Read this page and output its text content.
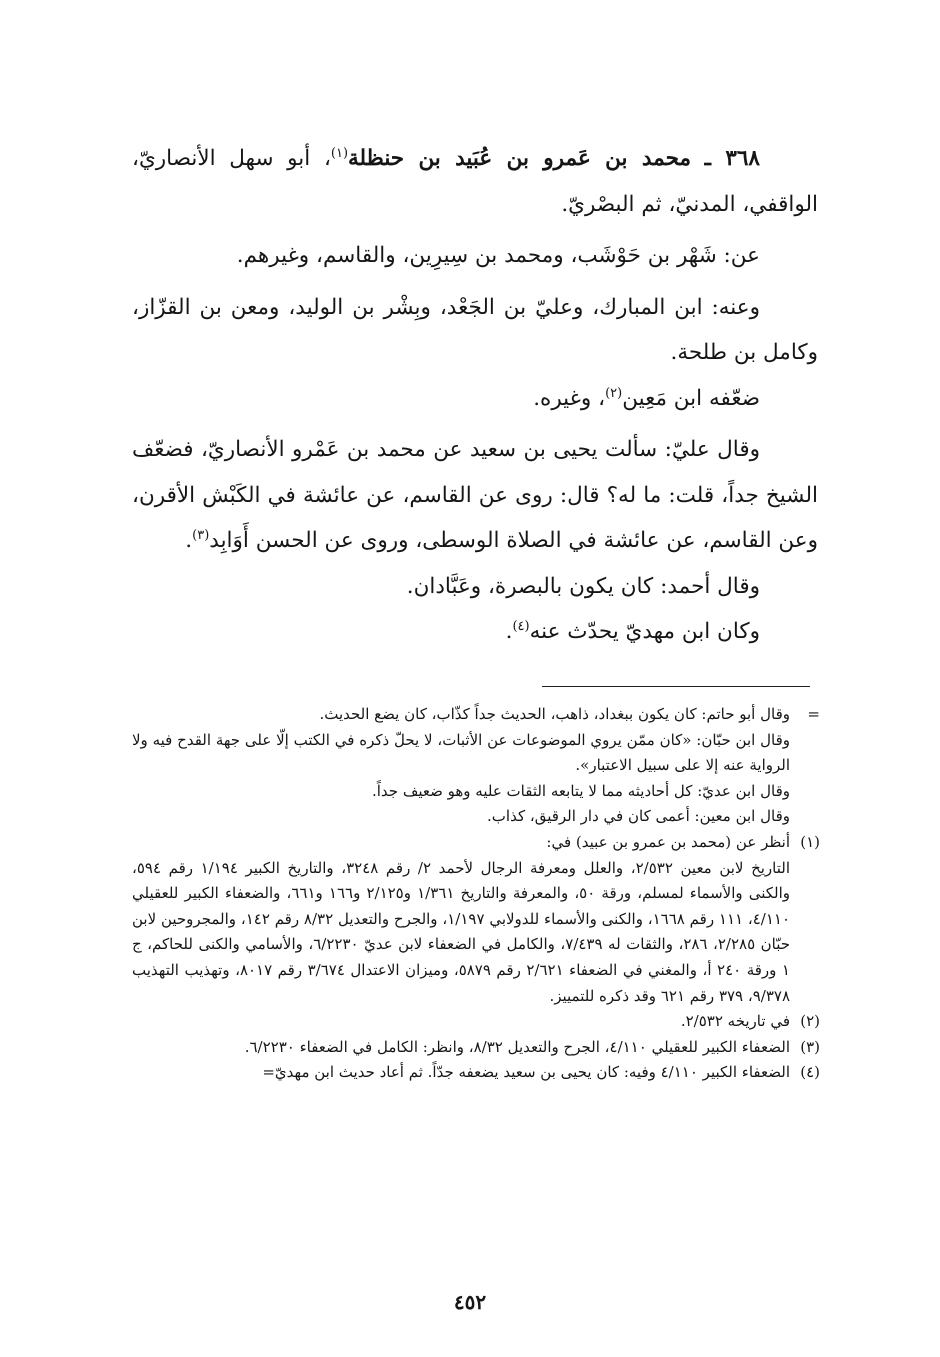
٣٦٨ ـ محمد بن عَمرو بن عُبَيد بن حنظلة$^{(١)}$، أبو سهل الأنصاريّ، الواقفي، المدنيّ، ثم البصْريّ.

عن: شَهْر بن حَوْشَب، ومحمد بن سِيرِين، والقاسم، وغيرهم.

وعنه: ابن المبارك، وعليّ بن الجَعْد، وبِشْر بن الوليد، ومعن بن القزّاز، وكامل بن طلحة.

ضعّفه ابن مَعِين$^{(٢)}$، وغيره.

وقال عليّ: سألت يحيى بن سعيد عن محمد بن عَمْرو الأنصاريّ، فضعّف الشيخ جداً، قلت: ما له؟ قال: روى عن القاسم، عن عائشة في الكَبْش الأقرن، وعن القاسم، عن عائشة في الصلاة الوسطى، وروى عن الحسن أَوَابِد$^{(٣)}$.

وقال أحمد: كان يكون بالبصرة، وعَبَّادان.

وكان ابن مهديّ يحدّث عنه$^{(٤)}$.

=
وقال أبو حاتم: كان يكون ببغداد، ذاهب، الحديث جداً كذّاب، كان يضع الحديث.
وقال ابن حبّان: «كان ممّن يروي الموضوعات عن الأثبات، لا يحلّ ذكره في الكتب إلّا على جهة القدح فيه ولا الرواية عنه إلا على سبيل الاعتبار».
وقال ابن عديّ: كل أحاديثه مما لا يتابعه الثقات عليه وهو ضعيف جداً.
وقال ابن معين: أعمى كان في دار الرقيق، كذاب.
(١)
أنظر عن (محمد بن عمرو بن عبيد) في:
التاريخ لابن معين ٢/٥٣٢، والعلل ومعرفة الرجال لأحمد ٢/ رقم ٣٢٤٨، والتاريخ الكبير ١/١٩٤ رقم ٥٩٤، والكنى والأسماء لمسلم، ورقة ٥٠، والمعرفة والتاريخ ١/٣٦١ و٢/١٢٥ و١٦٦ و٦٦١، والضعفاء الكبير للعقيلي ٤/١١٠، ١١١ رقم ١٦٦٨، والكنى والأسماء للدولابي ١/١٩٧، والجرح والتعديل ٨/٣٢ رقم ١٤٢، والمجروحين لابن حبّان ٢/٢٨٥، ٢٨٦، والثقات له ٧/٤٣٩، والكامل في الضعفاء لابن عديّ ٦/٢٢٣٠، والأسامي والكنى للحاكم، ج ١ ورقة ٢٤٠ أ، والمغني في الضعفاء ٢/٦٢١ رقم ٥٨٧٩، وميزان الاعتدال ٣/٦٧٤ رقم ٨٠١٧، وتهذيب التهذيب ٩/٣٧٨، ٣٧٩ رقم ٦٢١ وقد ذكره للتمييز.
(٢)
في تاريخه ٢/٥٣٢.
(٣)
الضعفاء الكبير للعقيلي ٤/١١٠، الجرح والتعديل ٨/٣٢، وانظر: الكامل في الضعفاء ٦/٢٢٣٠.
(٤)
الضعفاء الكبير ٤/١١٠ وفيه: كان يحيى بن سعيد يضعفه جدّاً. ثم أعاد حديث ابن مهديّ=
٤٥٢
